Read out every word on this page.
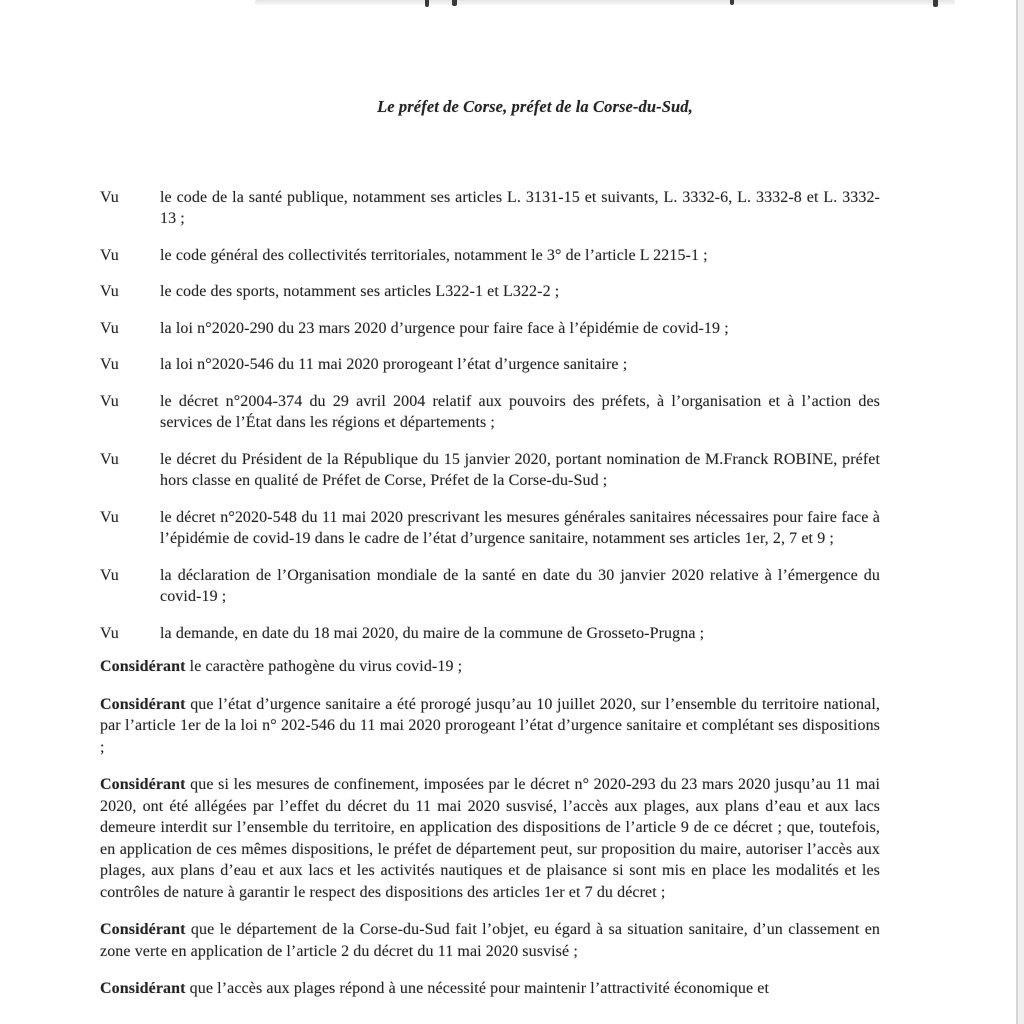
Le préfet de Corse, préfet de la Corse-du-Sud,
Vu	le code de la santé publique, notamment ses articles L. 3131-15 et suivants, L. 3332-6, L. 3332-8 et L. 3332-13 ;

Vu	le code général des collectivités territoriales, notamment le 3° de l’article L 2215-1 ;

Vu	le code des sports, notamment ses articles L322-1 et L322-2 ;

Vu	la loi n°2020-290 du 23 mars 2020 d’urgence pour faire face à l’épidémie de covid-19 ;

Vu	la loi n°2020-546 du 11 mai 2020 prorogeant l’état d’urgence sanitaire ;

Vu	le décret n°2004-374 du 29 avril 2004 relatif aux pouvoirs des préfets, à l’organisation et à l’action des services de l’État dans les régions et départements ;

Vu	le décret du Président de la République du 15 janvier 2020, portant nomination de M.Franck ROBINE, préfet hors classe en qualité de Préfet de Corse, Préfet de la Corse-du-Sud ;

Vu	le décret n°2020-548 du 11 mai 2020 prescrivant les mesures générales sanitaires nécessaires pour faire face à l’épidémie de covid-19 dans le cadre de l’état d’urgence sanitaire, notamment ses articles 1er, 2, 7 et 9 ;

Vu	la déclaration de l’Organisation mondiale de la santé en date du 30 janvier 2020 relative à l’émergence du covid-19 ;

Vu	la demande, en date du 18 mai 2020, du maire de la commune de Grosseto-Prugna ;

Considérant le caractère pathogène du virus covid-19 ;

Considérant que l’état d’urgence sanitaire a été prorogé jusqu’au 10 juillet 2020, sur l’ensemble du territoire national, par l’article 1er de la loi n° 202-546 du 11 mai 2020 prorogeant l’état d’urgence sanitaire et complétant ses dispositions ;

Considérant que si les mesures de confinement, imposées par le décret n° 2020-293 du 23 mars 2020 jusqu’au 11 mai 2020, ont été allégées par l’effet du décret du 11 mai 2020 susvisé, l’accès aux plages, aux plans d’eau et aux lacs demeure interdit sur l’ensemble du territoire, en application des dispositions de l’article 9 de ce décret ; que, toutefois, en application de ces mêmes dispositions, le préfet de département peut, sur proposition du maire, autoriser l’accès aux plages, aux plans d’eau et aux lacs et les activités nautiques et de plaisance si sont mis en place les modalités et les contrôles de nature à garantir le respect des dispositions des articles 1er et 7 du décret ;

Considérant que le département de la Corse-du-Sud fait l’objet, eu égard à sa situation sanitaire, d’un classement en zone verte en application de l’article 2 du décret du 11 mai 2020 susvisé ;

Considérant que l’accès aux plages répond à une nécessité pour maintenir l’attractivité économique et
